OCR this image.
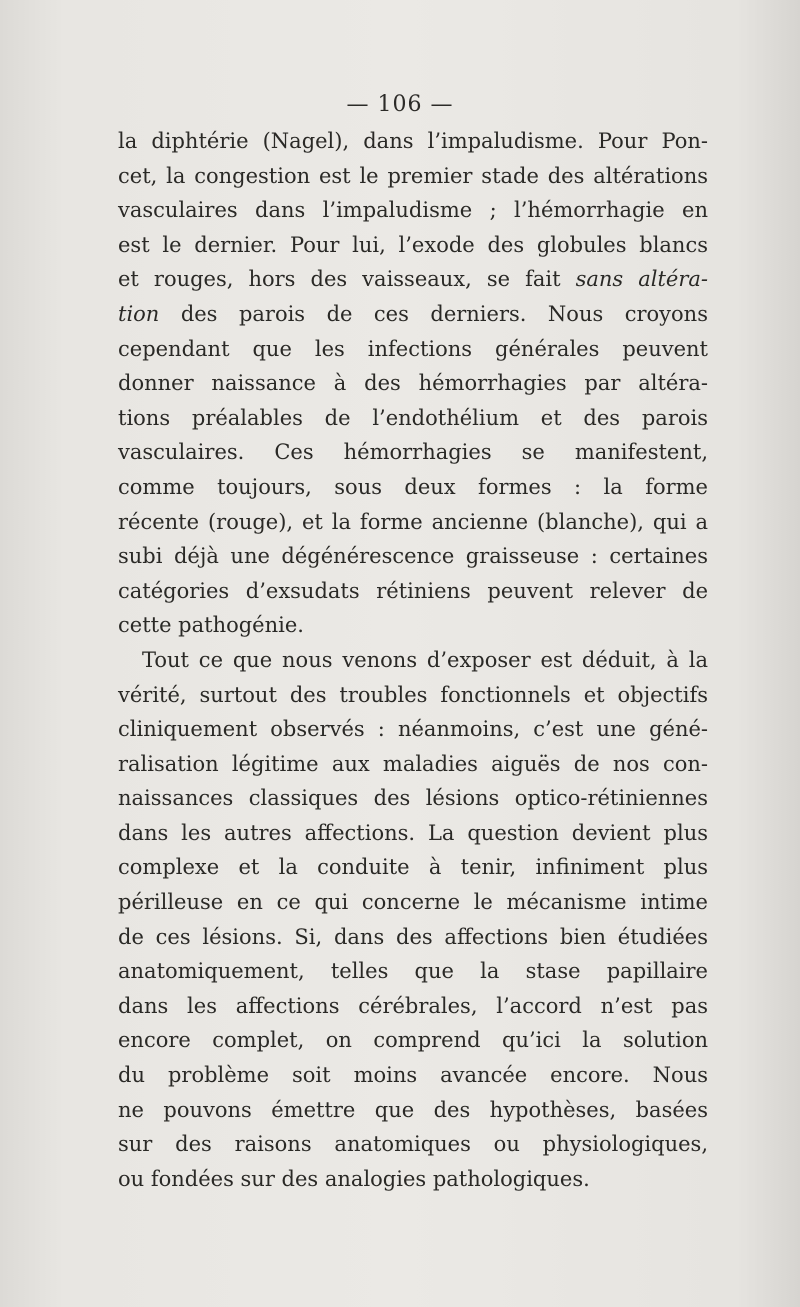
— 106 —
la diphtérie (Nagel), dans l’impaludisme. Pour Pon-
cet, la congestion est le premier stade des altérations
vasculaires dans l’impaludisme ; l’hémorrhagie en
est le dernier. Pour lui, l’exode des globules blancs
et rouges, hors des vaisseaux, se fait sans altéra-
tion des parois de ces derniers. Nous croyons
cependant que les infections générales peuvent
donner naissance à des hémorrhagies par altéra-
tions préalables de l’endothélium et des parois
vasculaires. Ces hémorrhagies se manifestent,
comme toujours, sous deux formes : la forme
récente (rouge), et la forme ancienne (blanche), qui a
subi déjà une dégénérescence graisseuse : certaines
catégories d’exsudats rétiniens peuvent relever de
cette pathogénie.
Tout ce que nous venons d’exposer est déduit, à la
vérité, surtout des troubles fonctionnels et objectifs
cliniquement observés : néanmoins, c’est une géné-
ralisation légitime aux maladies aiguës de nos con-
naissances classiques des lésions optico-rétiniennes
dans les autres affections. La question devient plus
complexe et la conduite à tenir, infiniment plus
périlleuse en ce qui concerne le mécanisme intime
de ces lésions. Si, dans des affections bien étudiées
anatomiquement, telles que la stase papillaire
dans les affections cérébrales, l’accord n’est pas
encore complet, on comprend qu’ici la solution
du problème soit moins avancée encore. Nous
ne pouvons émettre que des hypothèses, basées
sur des raisons anatomiques ou physiologiques,
ou fondées sur des analogies pathologiques.
